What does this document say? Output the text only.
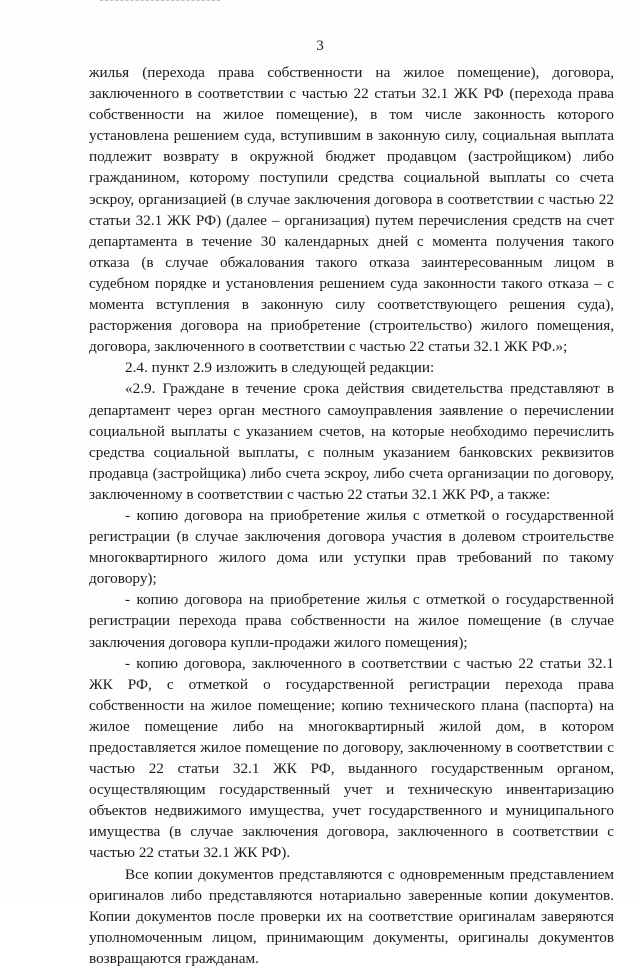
3

жилья (перехода права собственности на жилое помещение), договора, заключенного в соответствии с частью 22 статьи 32.1 ЖК РФ (перехода права собственности на жилое помещение), в том числе законность которого установлена решением суда, вступившим в законную силу, социальная выплата подлежит возврату в окружной бюджет продавцом (застройщиком) либо гражданином, которому поступили средства социальной выплаты со счета эскроу, организацией (в случае заключения договора в соответствии с частью 22 статьи 32.1 ЖК РФ) (далее – организация) путем перечисления средств на счет департамента в течение 30 календарных дней с момента получения такого отказа (в случае обжалования такого отказа заинтересованным лицом в судебном порядке и установления решением суда законности такого отказа – с момента вступления в законную силу соответствующего решения суда), расторжения договора на приобретение (строительство) жилого помещения, договора, заключенного в соответствии с частью 22 статьи 32.1 ЖК РФ.»;

2.4. пункт 2.9 изложить в следующей редакции:

«2.9. Граждане в течение срока действия свидетельства представляют в департамент через орган местного самоуправления заявление о перечислении социальной выплаты с указанием счетов, на которые необходимо перечислить средства социальной выплаты, с полным указанием банковских реквизитов продавца (застройщика) либо счета эскроу, либо счета организации по договору, заключенному в соответствии с частью 22 статьи 32.1 ЖК РФ, а также:

- копию договора на приобретение жилья с отметкой о государственной регистрации (в случае заключения договора участия в долевом строительстве многоквартирного жилого дома или уступки прав требований по такому договору);

- копию договора на приобретение жилья с отметкой о государственной регистрации перехода права собственности на жилое помещение (в случае заключения договора купли-продажи жилого помещения);

- копию договора, заключенного в соответствии с частью 22 статьи 32.1 ЖК РФ, с отметкой о государственной регистрации перехода права собственности на жилое помещение; копию технического плана (паспорта) на жилое помещение либо на многоквартирный жилой дом, в котором предоставляется жилое помещение по договору, заключенному в соответствии с частью 22 статьи 32.1 ЖК РФ, выданного государственным органом, осуществляющим государственный учет и техническую инвентаризацию объектов недвижимого имущества, учет государственного и муниципального имущества (в случае заключения договора, заключенного в соответствии с частью 22 статьи 32.1 ЖК РФ).

Все копии документов представляются с одновременным представлением оригиналов либо представляются нотариально заверенные копии документов. Копии документов после проверки их на соответствие оригиналам заверяются уполномоченным лицом, принимающим документы, оригиналы документов возвращаются гражданам.
